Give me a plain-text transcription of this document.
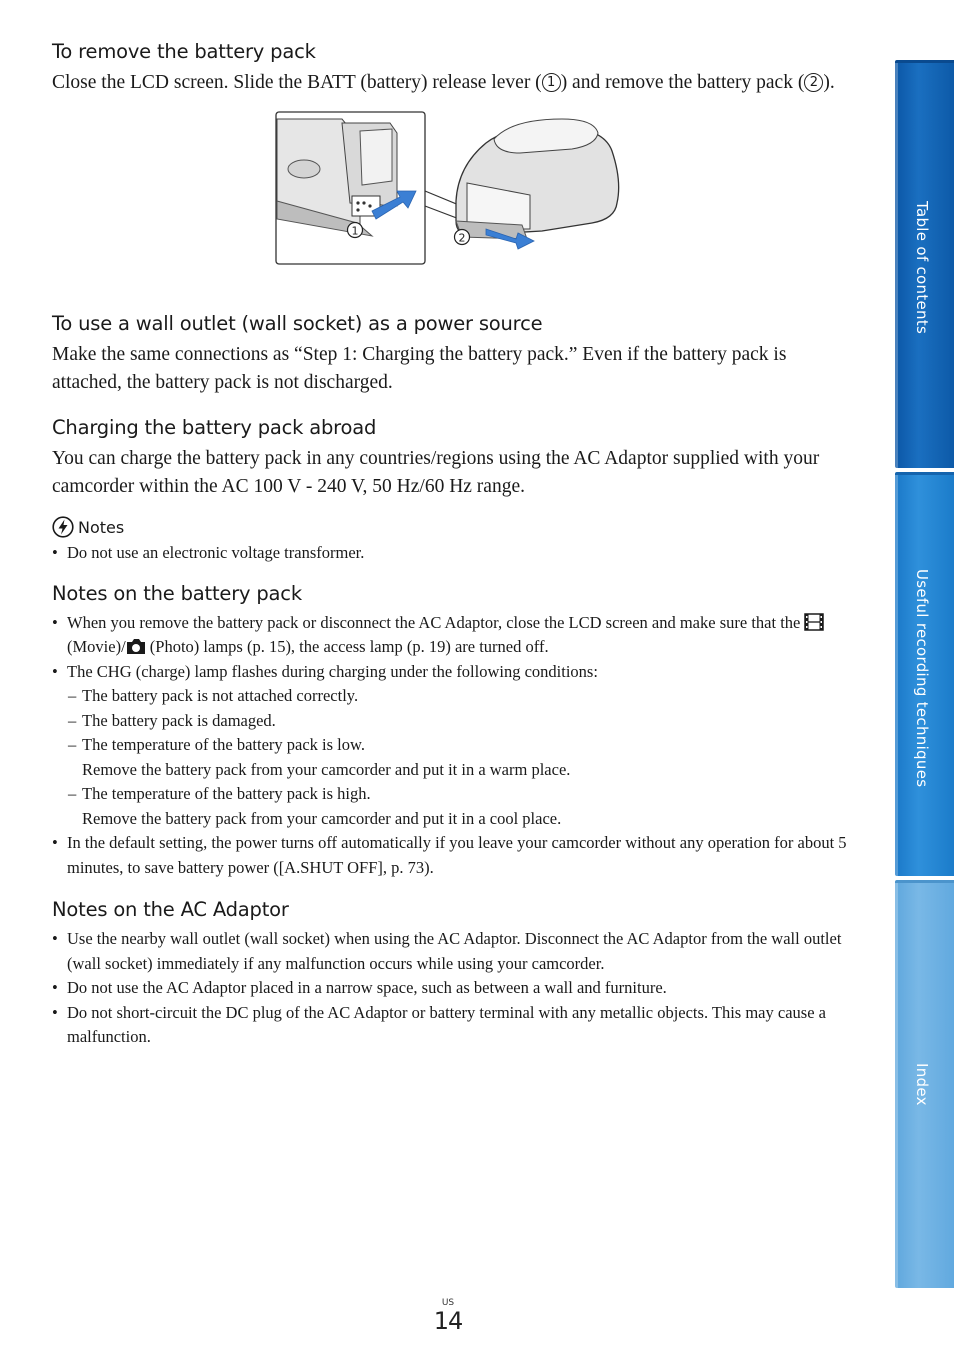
To remove the battery pack

Close the LCD screen. Slide the BATT (battery) release lever ( 1 ) and remove the battery pack ( 2 ).

1
2
To use a wall outlet (wall socket) as a power source

Make the same connections as “Step 1: Charging the battery pack.” Even if the battery pack is attached, the battery pack is not discharged.

Charging the battery pack abroad

You can charge the battery pack in any countries/regions using the AC Adaptor supplied with your camcorder within the AC 100 V - 240 V, 50 Hz/60 Hz range.

Notes
• Do not use an electronic voltage transformer.
Notes on the battery pack
• When you remove the battery pack or disconnect the AC Adaptor, close the LCD screen and make sure that the  (Movie)/ (Photo) lamps (p. 15), the access lamp (p. 19) are turned off.
• The CHG (charge) lamp flashes during charging under the following conditions:
– The battery pack is not attached correctly.
– The battery pack is damaged.
– The temperature of the battery pack is low.
Remove the battery pack from your camcorder and put it in a warm place.
– The temperature of the battery pack is high.
Remove the battery pack from your camcorder and put it in a cool place.
• In the default setting, the power turns off automatically if you leave your camcorder without any operation for about 5 minutes, to save battery power ([A.SHUT OFF], p. 73).
Notes on the AC Adaptor
• Use the nearby wall outlet (wall socket) when using the AC Adaptor. Disconnect the AC Adaptor from the wall outlet (wall socket) immediately if any malfunction occurs while using your camcorder.
• Do not use the AC Adaptor placed in a narrow space, such as between a wall and furniture.
• Do not short-circuit the DC plug of the AC Adaptor or battery terminal with any metallic objects. This may cause a malfunction.
Table of contents
Useful recording techniques
Index
US
14
